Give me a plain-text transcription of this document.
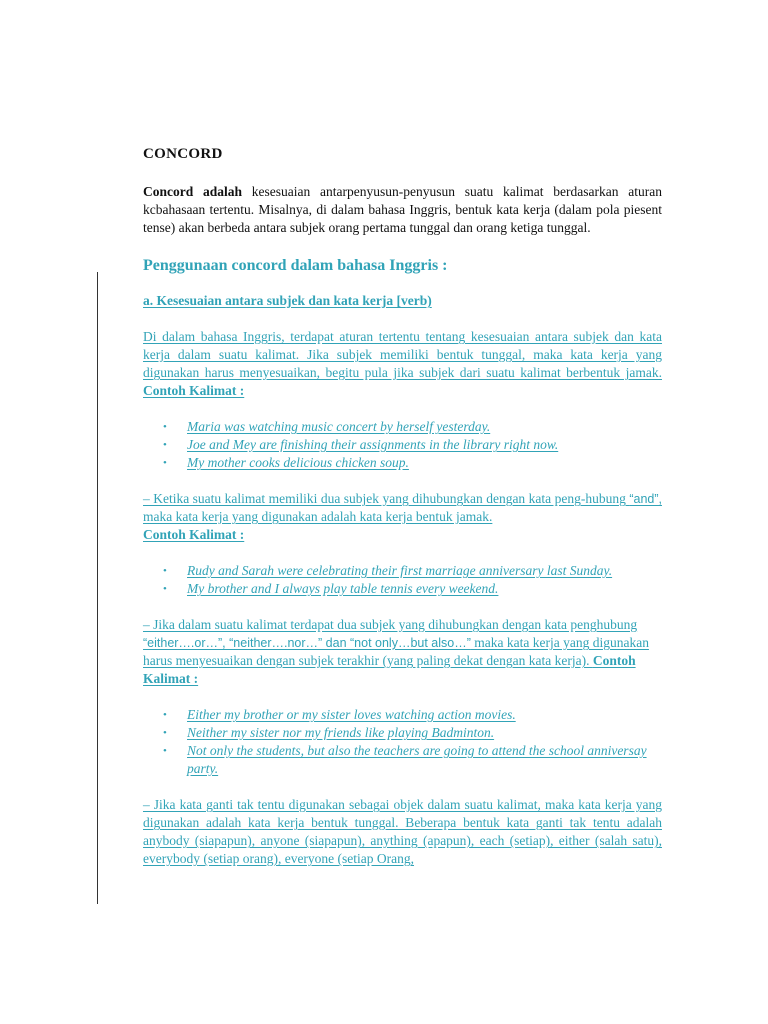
CONCORD

Concord adalah kesesuaian antarpenyusun-penyusun suatu kalimat berdasarkan aturan kcbahasaan tertentu. Misalnya, di dalam bahasa Inggris, bentuk kata kerja (dalam pola piesent tense) akan berbeda antara subjek orang pertama tunggal dan orang ketiga tunggal.

Penggunaan concord dalam bahasa Inggris :
a. Kesesuaian antara subjek dan kata kerja [verb)

Di dalam bahasa Inggris, terdapat aturan tertentu tentang kesesuaian antara subjek dan kata kerja dalam suatu kalimat. Jika subjek memiliki bentuk tunggal, maka kata kerja yang digunakan harus menyesuaikan, begitu pula jika subjek dari suatu kalimat berbentuk jamak. Contoh Kalimat :

• Maria was watching music concert by herself yesterday.
• Joe and Mey are finishing their assignments in the library right now.
• My mother cooks delicious chicken soup.

– Ketika suatu kalimat memiliki dua subjek yang dihubungkan dengan kata peng-hubung “and”, maka kata kerja yang digunakan adalah kata kerja bentuk jamak.
Contoh Kalimat :

• Rudy and Sarah were celebrating their first marriage anniversary last Sunday.
• My brother and I always play table tennis every weekend.

– Jika dalam suatu kalimat terdapat dua subjek yang dihubungkan dengan kata penghubung “either….or…”, “neither….nor…” dan “not only…but also…” maka kata kerja yang digunakan harus menyesuaikan dengan subjek terakhir (yang paling dekat dengan kata kerja). Contoh Kalimat :

• Either my brother or my sister loves watching action movies.
• Neither my sister nor my friends like playing Badminton.
• Not only the students, but also the teachers are going to attend the school anniversay party.

– Jika kata ganti tak tentu digunakan sebagai objek dalam suatu kalimat, maka kata kerja yang digunakan adalah kata kerja bentuk tunggal. Beberapa bentuk kata ganti tak tentu adalah anybody (siapapun), anyone (siapapun), anything (apapun), each (setiap), either (salah satu), everybody (setiap orang), everyone (setiap Orang,
